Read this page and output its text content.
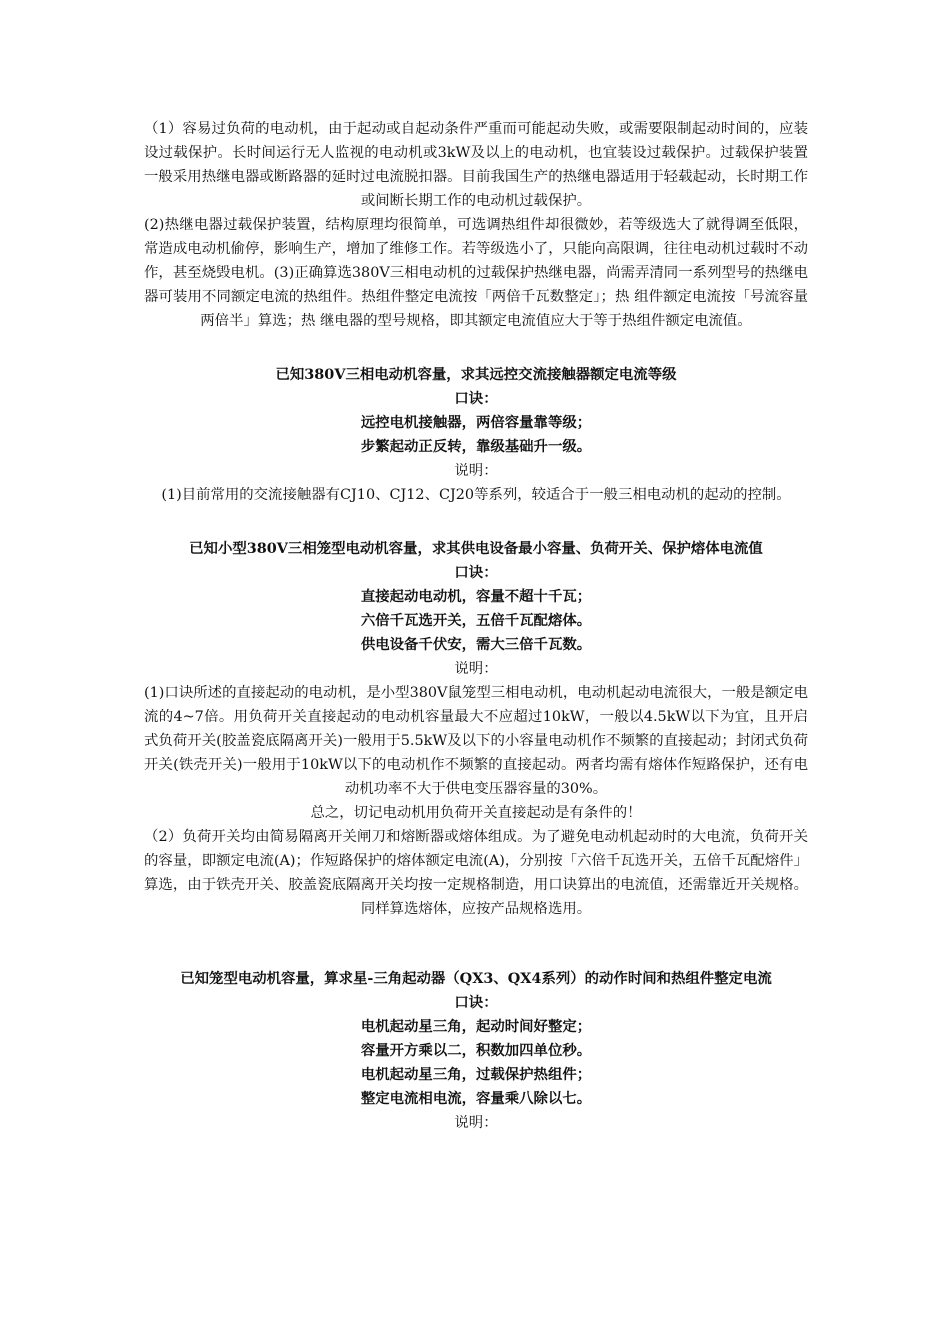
（1）容易过负荷的电动机，由于起动或自起动条件严重而可能起动失败，或需要限制起动时间的，应装设过载保护。长时间运行无人监视的电动机或3kW及以上的电动机，也宜装设过载保护。过载保护装置一般采用热继电器或断路器的延时过电流脱扣器。目前我国生产的热继电器适用于轻载起动，长时期工作或间断长期工作的电动机过载保护。

(2)热继电器过载保护装置，结构原理均很简单，可选调热组件却很微妙，若等级选大了就得调至低限，常造成电动机偷停，影响生产，增加了维修工作。若等级选小了，只能向高限调，往往电动机过载时不动作，甚至烧毁电机。(3)正确算选380V三相电动机的过载保护热继电器，尚需弄清同一系列型号的热继电器可装用不同额定电流的热组件。热组件整定电流按「两倍千瓦数整定」；热 组件额定电流按「号流容量两倍半」算选；热 继电器的型号规格，即其额定电流值应大于等于热组件额定电流值。

已知380V三相电动机容量，求其远控交流接触器额定电流等级

口诀：

远控电机接触器，两倍容量靠等级；

步繁起动正反转，靠级基础升一级。

说明：

(1)目前常用的交流接触器有CJ10、CJ12、CJ20等系列，较适合于一般三相电动机的起动的控制。

已知小型380V三相笼型电动机容量，求其供电设备最小容量、负荷开关、保护熔体电流值

口诀：

直接起动电动机，容量不超十千瓦；

六倍千瓦选开关，五倍千瓦配熔体。

供电设备千伏安，需大三倍千瓦数。

说明：

(1)口诀所述的直接起动的电动机，是小型380V鼠笼型三相电动机，电动机起动电流很大，一般是额定电流的4~7倍。用负荷开关直接起动的电动机容量最大不应超过10kW，一般以4.5kW以下为宜，且开启式负荷开关(胶盖瓷底隔离开关)一般用于5.5kW及以下的小容量电动机作不频繁的直接起动；封闭式负荷开关(铁壳开关)一般用于10kW以下的电动机作不频繁的直接起动。两者均需有熔体作短路保护，还有电动机功率不大于供电变压器容量的30%。

总之，切记电动机用负荷开关直接起动是有条件的！

（2）负荷开关均由简易隔离开关闸刀和熔断器或熔体组成。为了避免电动机起动时的大电流，负荷开关的容量，即额定电流(A)；作短路保护的熔体额定电流(A)，分别按「六倍千瓦选开关，五倍千瓦配熔件」算选，由于铁壳开关、胶盖瓷底隔离开关均按一定规格制造，用口诀算出的电流值，还需靠近开关规格。同样算选熔体，应按产品规格选用。

已知笼型电动机容量，算求星-三角起动器（QX3、QX4系列）的动作时间和热组件整定电流

口诀：

电机起动星三角，起动时间好整定；

容量开方乘以二，积数加四单位秒。

电机起动星三角，过载保护热组件；

整定电流相电流，容量乘八除以七。

说明：
